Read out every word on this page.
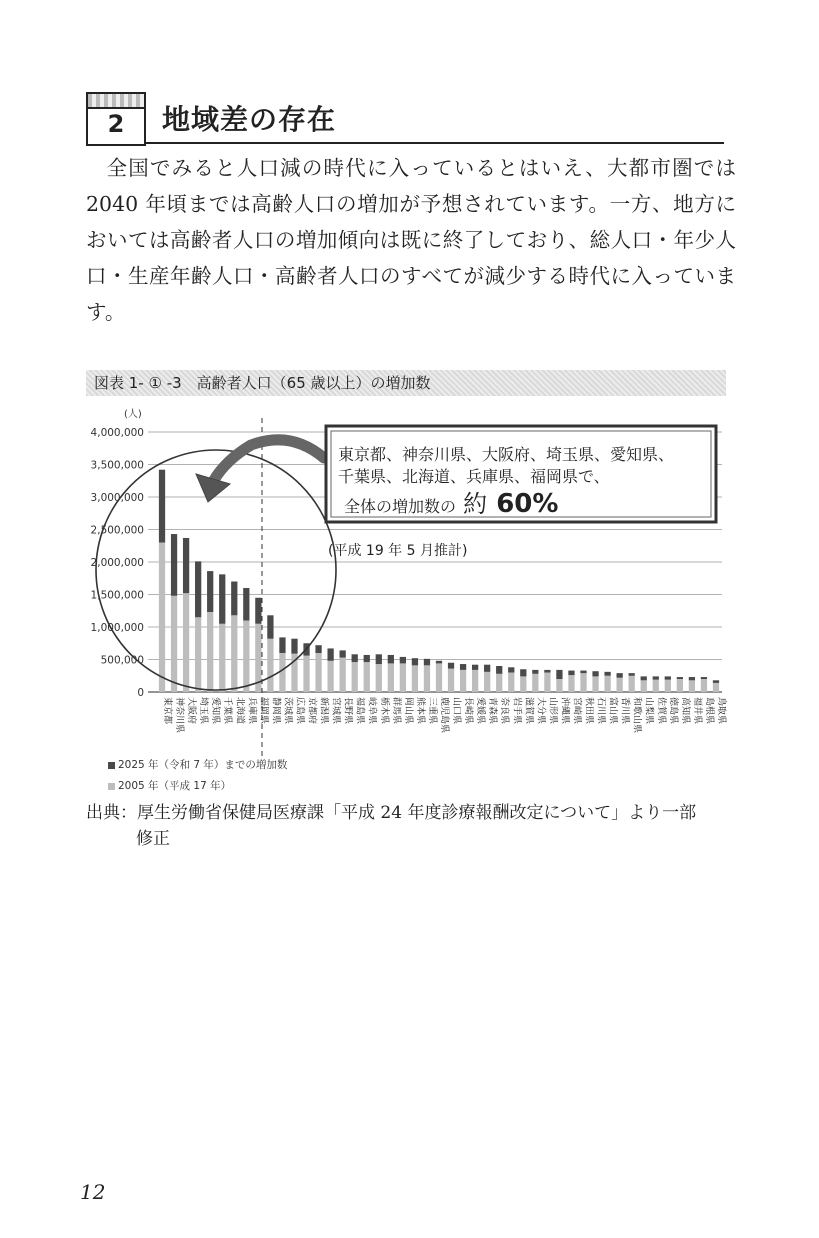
2	地域差の存在
全国でみると人口減の時代に入っているとはいえ、大都市圏では2040 年頃までは高齢人口の増加が予想されています。一方、地方においては高齢者人口の増加傾向は既に終了しており、総人口・年少人口・生産年齢人口・高齢者人口のすべてが減少する時代に入っています。
図表 1- ① -3　高齢者人口（65 歳以上）の増加数
0
500,000
1,000,000
1,500,000
2,000,000
2,500,000
3,000,000
3,500,000
4,000,000
東京都 神奈川県 大阪府 埼玉県 愛知県 千葉県 北海道 兵庫県 福岡県 静岡県 茨城県 広島県 京都府 新潟県 宮城県 長野県 福島県 岐阜県 栃木県 群馬県 岡山県 熊本県 三重県 鹿児島県 山口県 長崎県 愛媛県 青森県 奈良県 岩手県 滋賀県 大分県 山形県 沖縄県 宮崎県 秋田県 石川県 富山県 香川県 和歌山県 山梨県 佐賀県 徳島県 高知県 福井県 島根県 鳥取県
(人)
東京都、神奈川県、大阪府、埼玉県、愛知県、
千葉県、北海道、兵庫県、福岡県で、
全体の増加数の 約 60%
(平成 19 年 5 月推計)
2025 年（令和 7 年）までの増加数
2005 年（平成 17 年）
出典：厚生労働省保健局医療課「平成 24 年度診療報酬改定について」より一部
修正
12
